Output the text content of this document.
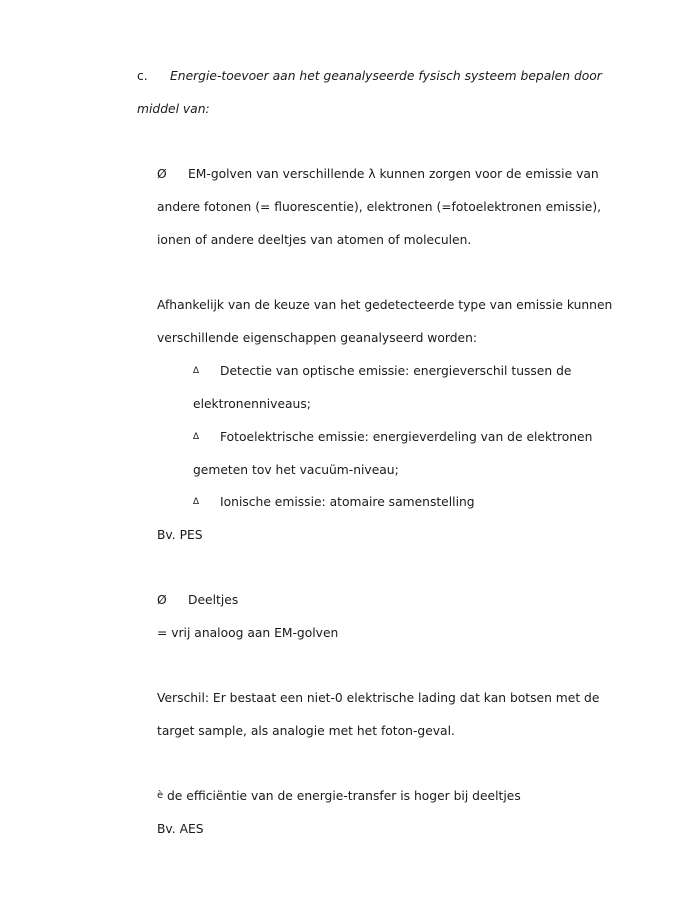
c. Energie-toevoer aan het geanalyseerde fysisch systeem bepalen door
middel van:
Ø EM-golven van verschillende λ kunnen zorgen voor de emissie van
andere fotonen (= fluorescentie), elektronen (=fotoelektronen emissie),
ionen of andere deeltjes van atomen of moleculen.
Afhankelijk van de keuze van het gedetecteerde type van emissie kunnen
verschillende eigenschappen geanalyseerd worden:
∆ Detectie van optische emissie: energieverschil tussen de
elektronenniveaus;
∆ Fotoelektrische emissie: energieverdeling van de elektronen
gemeten tov het vacuüm-niveau;
∆ Ionische emissie: atomaire samenstelling
Bv. PES
Ø Deeltjes
= vrij analoog aan EM-golven
Verschil: Er bestaat een niet-0 elektrische lading dat kan botsen met de
target sample, als analogie met het foton-geval.
è de efficiëntie van de energie-transfer is hoger bij deeltjes
Bv. AES
